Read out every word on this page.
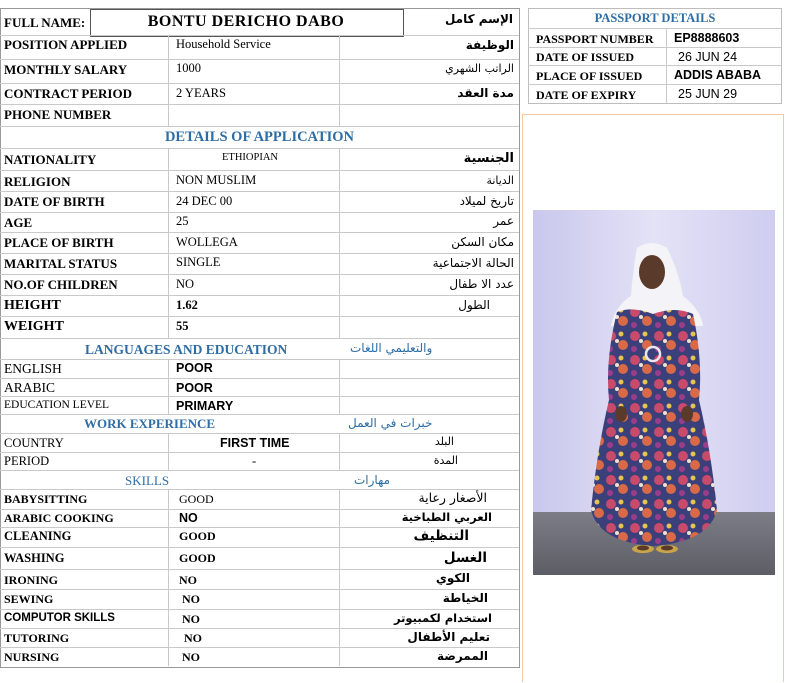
FULL NAME:	BONTU DERICHO DABO	الإسم كامل
POSITION APPLIED	Household Service	الوظيفة
MONTHLY SALARY	1000	الراتب الشهري
CONTRACT PERIOD	2 YEARS	مدة العقد
PHONE NUMBER
DETAILS OF APPLICATION
NATIONALITY	ETHIOPIAN	الجنسية
RELIGION	NON MUSLIM	الديانة
DATE OF BIRTH	24 DEC 00	تاريخ لميلاد
AGE	25	عمر
PLACE OF BIRTH	WOLLEGA	مكان السكن
MARITAL STATUS	SINGLE	الحالة الاجتماعية
NO.OF CHILDREN	NO	عدد الا طفال
HEIGHT	1.62	الطول
WEIGHT	55
LANGUAGES AND EDUCATION	والتعليمي اللغات
ENGLISH	POOR
ARABIC	POOR
EDUCATION LEVEL	PRIMARY
WORK EXPERIENCE	خبرات في العمل
COUNTRY	FIRST TIME	البلد
PERIOD	-	المدة
SKILLS	مهارات
BABYSITTING	GOOD	الأصغار رعاية
ARABIC COOKING	NO	العربي الطباخية
CLEANING	GOOD	التنظيف
WASHING	GOOD	الغسل
IRONING	NO	الكوي
SEWING	NO	الخياطة
COMPUTOR SKILLS	NO	استخدام لكمبيوتر
TUTORING	NO	تعليم الأطفال
NURSING	NO	الممرضة
PASSPORT DETAILS
PASSPORT NUMBER EP8888603
DATE OF ISSUED	26 JUN 24
PLACE OF ISSUED	ADDIS ABABA
DATE OF EXPIRY	25 JUN 29
